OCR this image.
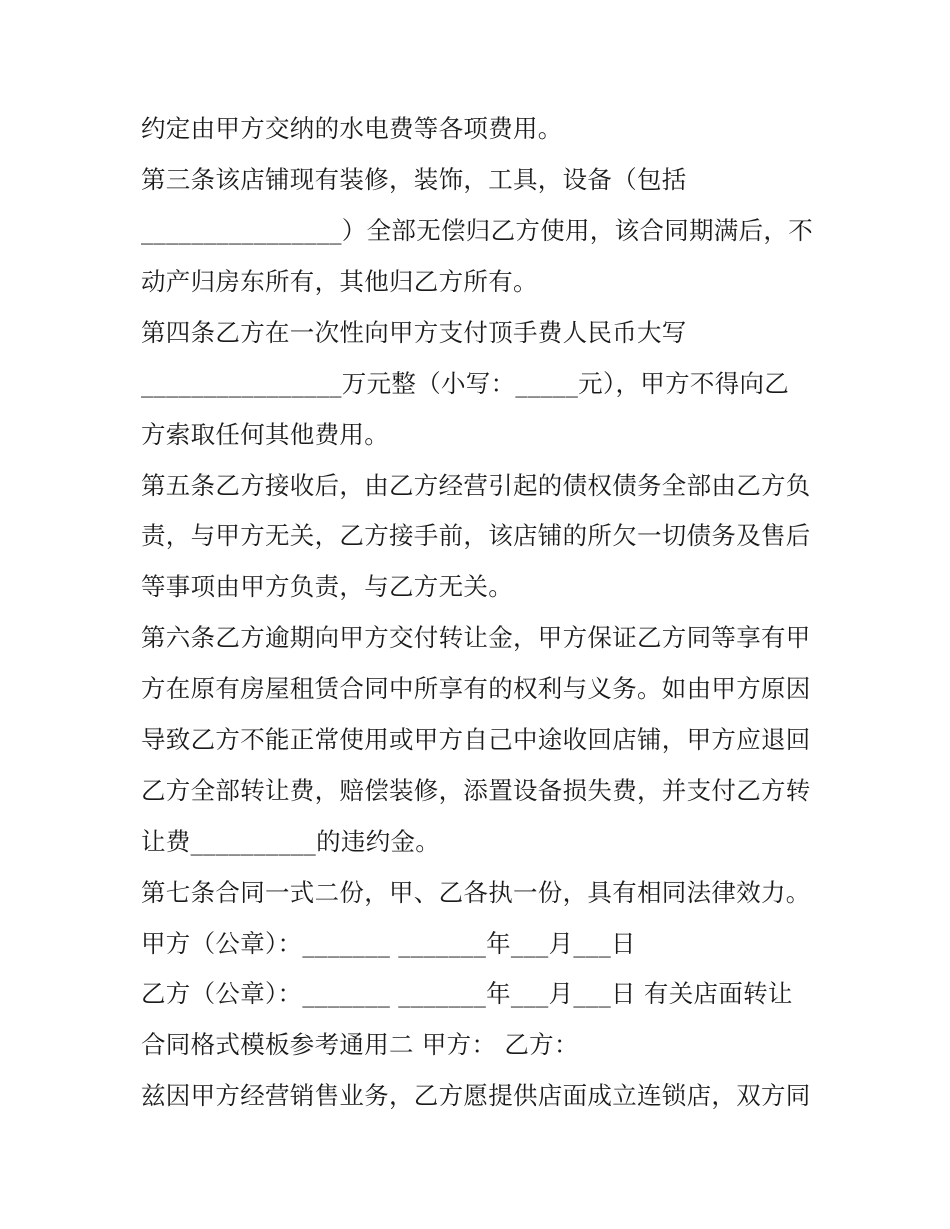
约定由甲方交纳的水电费等各项费用。
第三条该店铺现有装修，装饰，工具，设备（包括
________________）全部无偿归乙方使用，该合同期满后，不
动产归房东所有，其他归乙方所有。
第四条乙方在一次性向甲方支付顶手费人民币大写
________________万元整（小写：_____元），甲方不得向乙
方索取任何其他费用。
第五条乙方接收后，由乙方经营引起的债权债务全部由乙方负
责，与甲方无关，乙方接手前，该店铺的所欠一切债务及售后
等事项由甲方负责，与乙方无关。
第六条乙方逾期向甲方交付转让金，甲方保证乙方同等享有甲
方在原有房屋租赁合同中所享有的权利与义务。如由甲方原因
导致乙方不能正常使用或甲方自己中途收回店铺，甲方应退回
乙方全部转让费，赔偿装修，添置设备损失费，并支付乙方转
让费__________的违约金。
第七条合同一式二份，甲、乙各执一份，具有相同法律效力。
甲方（公章）：_______ _______年___月___日
乙方（公章）：_______ _______年___月___日 有关店面转让
合同格式模板参考通用二 甲方： 乙方：
兹因甲方经营销售业务，乙方愿提供店面成立连锁店，双方同
